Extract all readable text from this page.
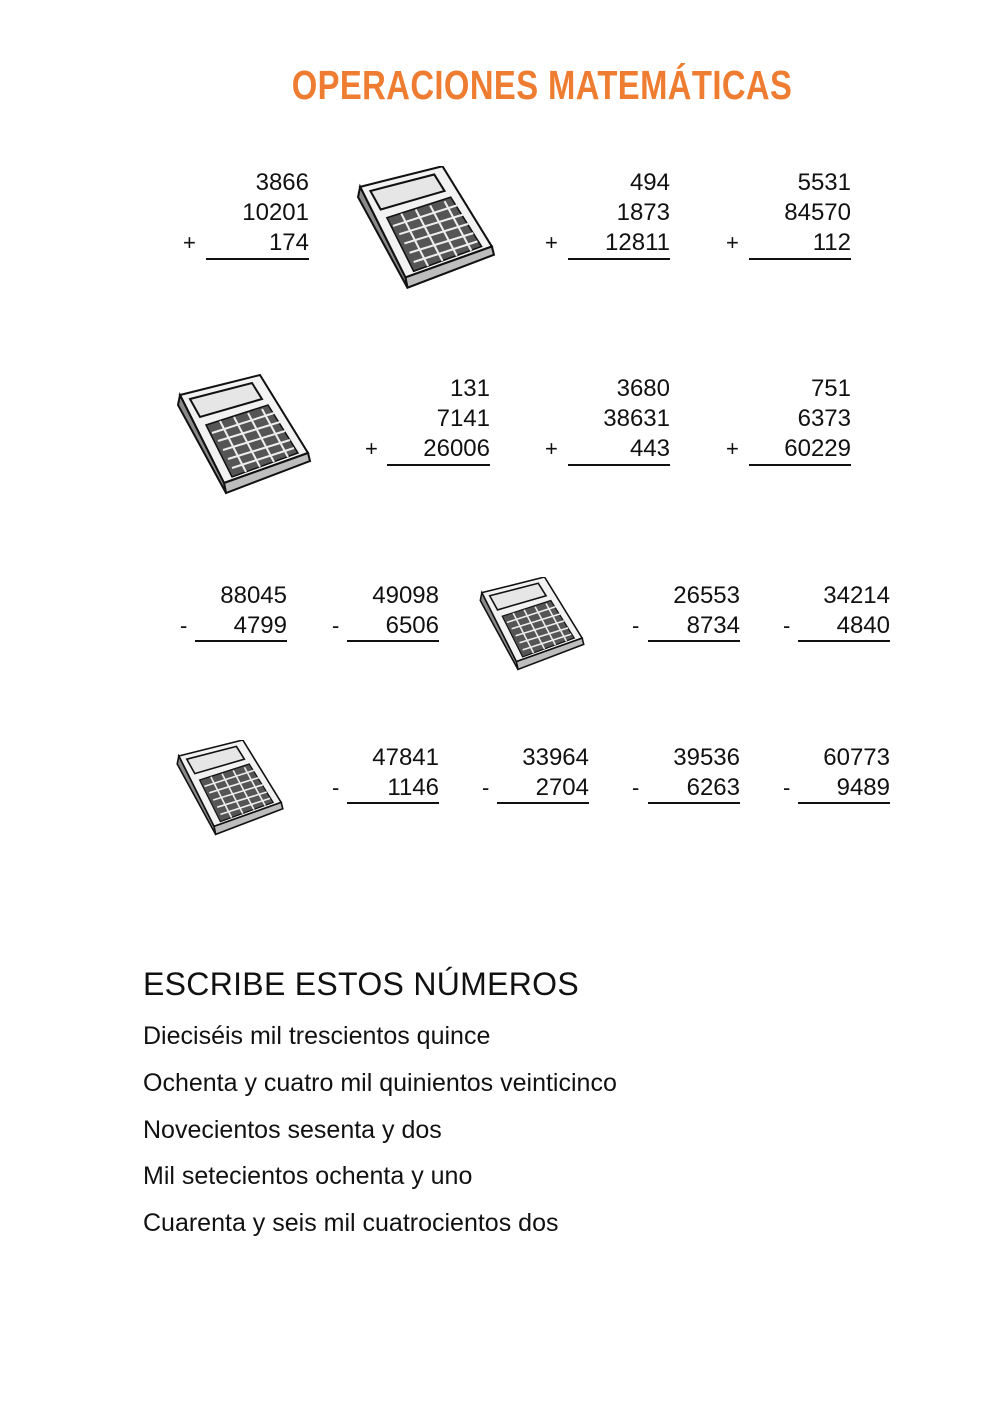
OPERACIONES MATEMÁTICAS
3866
10201
+	174
494
1873
+ 12811
5531
84570
+	112
131
7141
+ 26006
3680
38631
+	443
751
6373
+ 60229
88045
- 4799
49098
- 6506
26553
- 8734
34214
- 4840
47841
- 1146
33964
- 2704
39536
- 6263
60773
- 9489
ESCRIBE ESTOS NÚMEROS
Dieciséis mil trescientos quince
Ochenta y cuatro mil quinientos veinticinco
Novecientos sesenta y dos
Mil setecientos ochenta y uno
Cuarenta y seis mil cuatrocientos dos
